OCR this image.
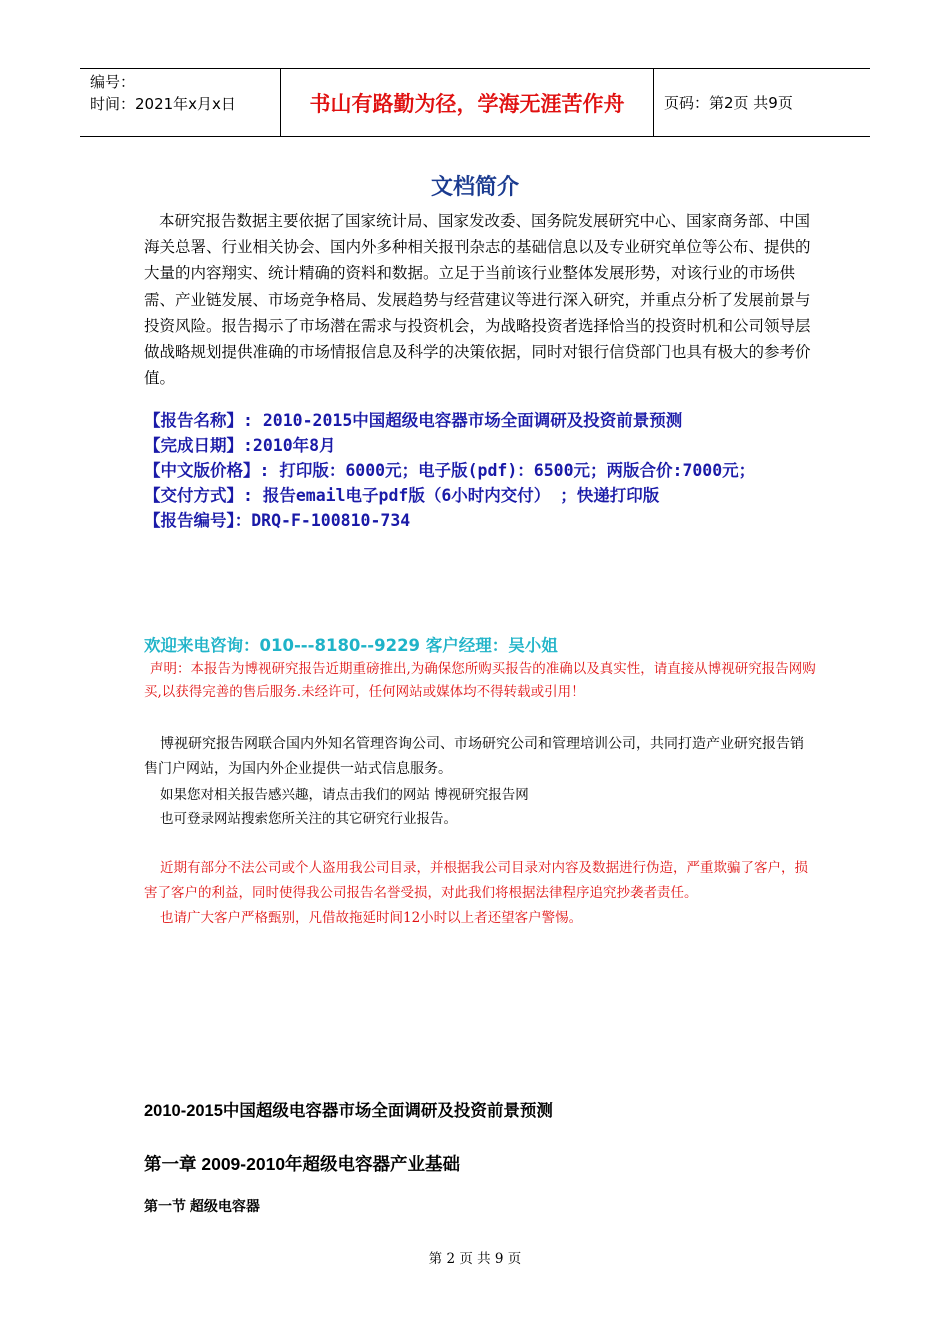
编号：
时间：2021年x月x日	书山有路勤为径，学海无涯苦作舟	页码：第2页 共9页
文档简介
本研究报告数据主要依据了国家统计局、国家发改委、国务院发展研究中心、国家商务部、中国海关总署、行业相关协会、国内外多种相关报刊杂志的基础信息以及专业研究单位等公布、提供的大量的内容翔实、统计精确的资料和数据。立足于当前该行业整体发展形势，对该行业的市场供需、产业链发展、市场竞争格局、发展趋势与经营建议等进行深入研究，并重点分析了发展前景与投资风险。报告揭示了市场潜在需求与投资机会，为战略投资者选择恰当的投资时机和公司领导层做战略规划提供准确的市场情报信息及科学的决策依据，同时对银行信贷部门也具有极大的参考价值。
【报告名称】: 2010-2015中国超级电容器市场全面调研及投资前景预测
【完成日期】:2010年8月
【中文版价格】: 打印版：6000元；电子版(pdf)：6500元；两版合价:7000元；
【交付方式】: 报告email电子pdf版（6小时内交付） ；快递打印版
【报告编号】：DRQ-F-100810-734
欢迎来电咨询：010---8180--9229 客户经理：吴小姐
声明：本报告为博视研究报告近期重磅推出,为确保您所购买报告的准确以及真实性，请直接从博视研究报告网购买,以获得完善的售后服务.未经许可，任何网站或媒体均不得转载或引用！
博视研究报告网联合国内外知名管理咨询公司、市场研究公司和管理培训公司，共同打造产业研究报告销售门户网站，为国内外企业提供一站式信息服务。
如果您对相关报告感兴趣，请点击我们的网站 博视研究报告网
也可登录网站搜索您所关注的其它研究行业报告。
近期有部分不法公司或个人盗用我公司目录，并根据我公司目录对内容及数据进行伪造，严重欺骗了客户，损害了客户的利益，同时使得我公司报告名誉受损，对此我们将根据法律程序追究抄袭者责任。
也请广大客户严格甄别，凡借故拖延时间12小时以上者还望客户警惕。
2010-2015中国超级电容器市场全面调研及投资前景预测
第一章 2009-2010年超级电容器产业基础
第一节 超级电容器
第 2 页 共 9 页
